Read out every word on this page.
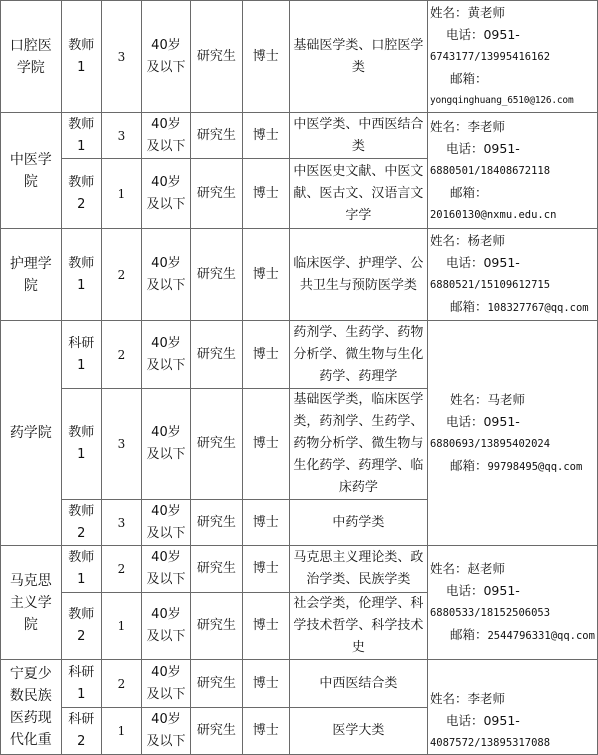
口腔医学院	教师1	3	40岁及以下	研究生	博士	基础医学类、口腔医学类	姓名：黄老师
电话：0951-
6743177/13995416162
邮箱：
yongqinghuang_6510@126.com

中医学院	教师1	3	40岁及以下	研究生	博士	中医学类、中西医结合类	姓名：李老师
电话：0951-
6880501/18408672118
邮箱：
20160130@nxmu.edu.cn

	教师2	1	40岁及以下	研究生	博士	中医医史文献、中医文献、医古文、汉语言文字学	
护理学院	教师1	2	40岁及以下	研究生	博士	临床医学、护理学、公共卫生与预防医学类	姓名：杨老师
电话：0951-
6880521/15109612715
邮箱：108327767@qq.com

药学院	科研1	2	40岁及以下	研究生	博士	药剂学、生药学、药物分析学、微生物与生化药学、药理学	姓名：马老师
电话：0951-
6880693/13895402024
邮箱：99798495@qq.com

	教师1	3	40岁及以下	研究生	博士	基础医学类，临床医学类，药剂学、生药学、药物分析学、微生物与生化药学、药理学、临床药学	
	教师2	3	40岁及以下	研究生	博士	中药学类	
马克思主义学院	教师1	2	40岁及以下	研究生	博士	马克思主义理论类、政治学类、民族学类	姓名：赵老师
电话：0951-
6880533/18152506053
邮箱：2544796331@qq.com

	教师2	1	40岁及以下	研究生	博士	社会学类，伦理学、科学技术哲学、科学技术史	
宁夏少数民族医药现代化重	科研1	2	40岁及以下	研究生	博士	中西医结合类	姓名：李老师
电话：0951-
4087572/13895317088

	科研2	1	40岁及以下	研究生	博士	医学大类	
